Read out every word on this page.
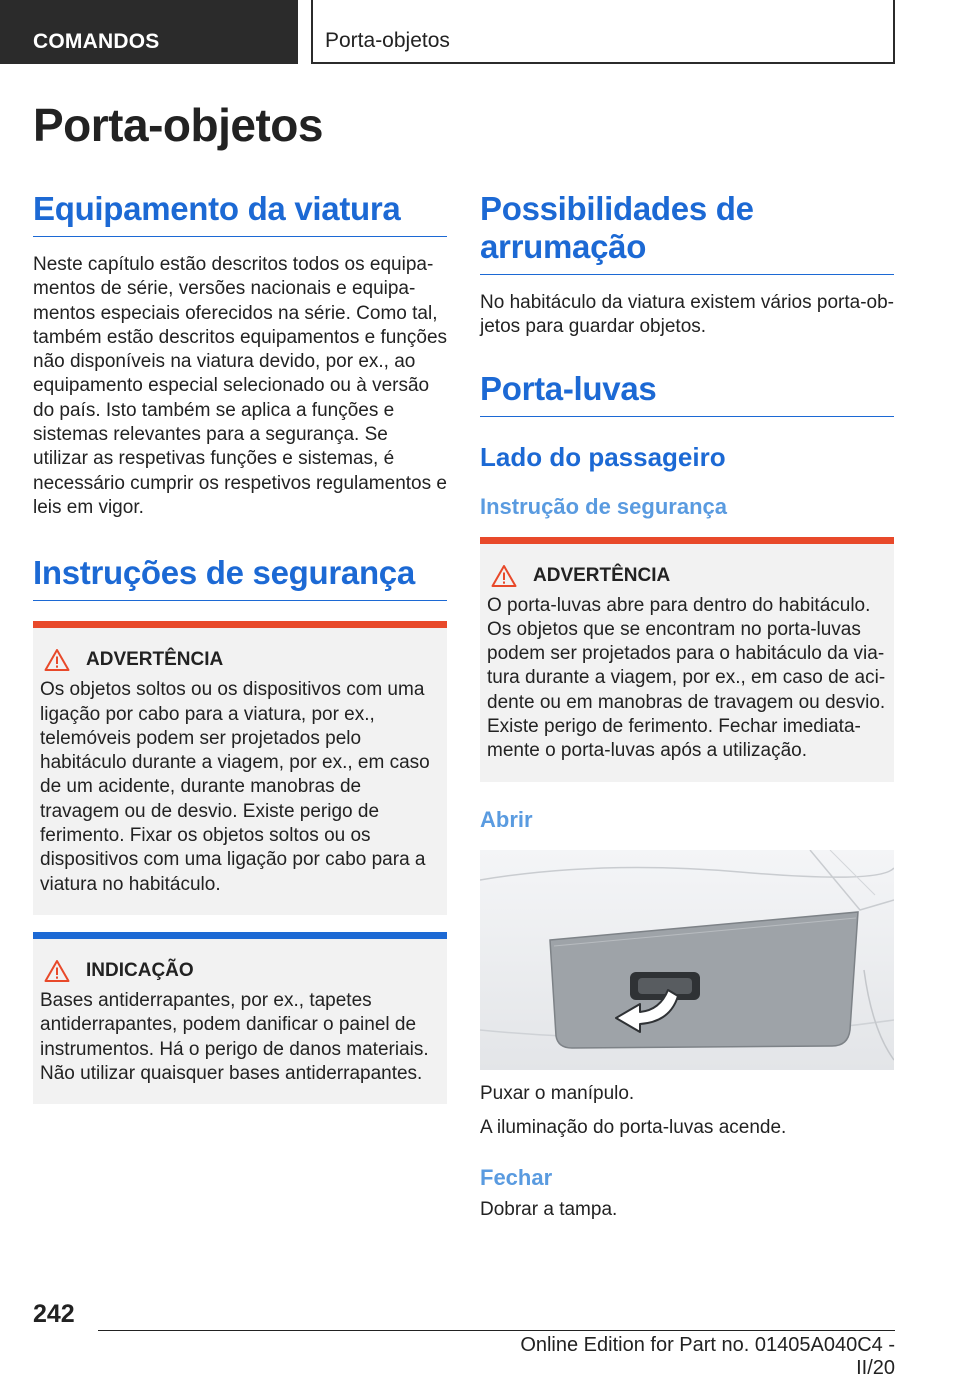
COMANDOS	Porta-objetos
Porta-objetos
Equipamento da viatura

Neste capítulo estão descritos todos os equipamentos de série, versões nacionais e equipamentos especiais oferecidos na série. Como tal, também estão descritos equipamentos e funções não disponíveis na viatura devido, por ex., ao equipamento especial selecionado ou à versão do país. Isto também se aplica a funções e sistemas relevantes para a segurança. Se utilizar as respetivas funções e sistemas, é necessário cumprir os respetivos regulamentos e leis em vigor.

Instruções de segurança
ADVERTÊNCIA

Os objetos soltos ou os dispositivos com uma ligação por cabo para a viatura, por ex., telemóveis podem ser projetados pelo habitáculo durante a viagem, por ex., em caso de um acidente, durante manobras de travagem ou de desvio. Existe perigo de ferimento. Fixar os objetos soltos ou os dispositivos com uma ligação por cabo para a viatura no habitáculo.

INDICAÇÃO

Bases antiderrapantes, por ex., tapetes antiderrapantes, podem danificar o painel de instrumentos. Há o perigo de danos materiais. Não utilizar quaisquer bases antiderrapantes.

Possibilidades de arrumação

No habitáculo da viatura existem vários porta-objetos para guardar objetos.

Porta-luvas
Lado do passageiro
Instrução de segurança
ADVERTÊNCIA

O porta-luvas abre para dentro do habitáculo. Os objetos que se encontram no porta-luvas podem ser projetados para o habitáculo da viatura durante a viagem, por ex., em caso de acidente ou em manobras de travagem ou desvio. Existe perigo de ferimento. Fechar imediatamente o porta-luvas após a utilização.

Abrir

Puxar o manípulo.

A iluminação do porta-luvas acende.

Fechar

Dobrar a tampa.

242
Online Edition for Part no. 01405A040C4 - II/20
